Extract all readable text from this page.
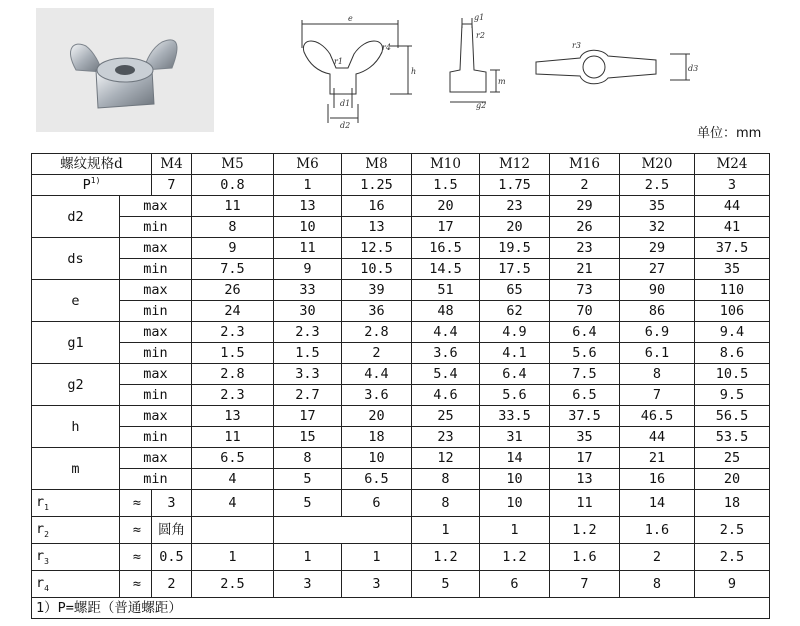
e
h
d1
d2
r1
r4
g1
r2
m
g2
d3
r3
单位：mm
螺纹规格d		M4	M5	M6	M8	M10	M12	M16	M20	M24
$P^{1)}$		7	0.8	1	1.25	1.5	1.75	2	2.5	3
d2	max		11	13	16	20	23	29	35	44
	min		8	10	13	17	20	26	32	41
ds	max		9	11	12.5	16.5	19.5	23	29	37.5
	min		7.5	9	10.5	14.5	17.5	21	27	35
e	max		26	33	39	51	65	73	90	110
	min		24	30	36	48	62	70	86	106
g1	max		2.3	2.3	2.8	4.4	4.9	6.4	6.9	9.4
	min		1.5	1.5	2	3.6	4.1	5.6	6.1	8.6
g2	max		2.8	3.3	4.4	5.4	6.4	7.5	8	10.5
	min		2.3	2.7	3.6	4.6	5.6	6.5	7	9.5
h	max		13	17	20	25	33.5	37.5	46.5	56.5
	min		11	15	18	23	31	35	44	53.5
m	max		6.5	8	10	12	14	17	21	25
	min		4	5	6.5	8	10	13	16	20
$r_1$	≈	3	4	5	6	8	10	11	14	18
$r_2$	≈	圆角				1	1	1.2	1.6	2.5
$r_3$	≈	0.5	1	1	1	1.2	1.2	1.6	2	2.5
$r_4$	≈	2	2.5	3	3	5	6	7	8	9
1）P=螺距（普通螺距）										
